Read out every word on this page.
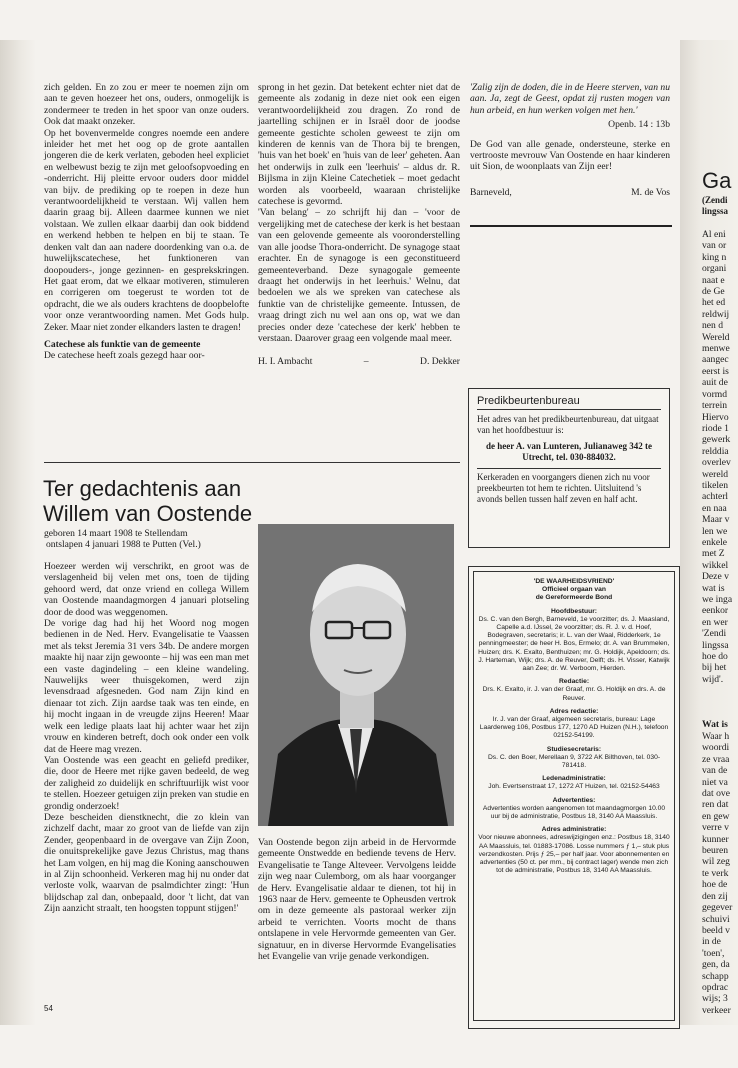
zich gelden. En zo zou er meer te noemen zijn om aan te geven hoezeer het ons, ouders, onmogelijk is zondermeer te treden in het spoor van onze ouders. Ook dat maakt onzeker.

Op het bovenvermelde congres noemde een andere inleider het met het oog op de grote aantallen jongeren die de kerk verlaten, geboden heel expliciet en welbewust bezig te zijn met geloofsopvoeding en -onderricht. Hij pleitte ervoor ouders door middel van bijv. de prediking op te roepen in deze hun verantwoordelijkheid te verstaan. Wij vallen hem daarin graag bij. Alleen daarmee kunnen we niet volstaan. We zullen elkaar daarbij dan ook biddend en werkend hebben te helpen en bij te staan. Te denken valt dan aan nadere doordenking van o.a. de huwelijkscatechese, het funktioneren van doopouders-, jonge gezinnen- en gesprekskringen. Het gaat erom, dat we elkaar motiveren, stimuleren en corrigeren om toegerust te worden tot de opdracht, die we als ouders krachtens de doopbelofte voor onze verantwoording namen. Met Gods hulp. Zeker. Maar niet zonder elkanders lasten te dragen!

Catechese als funktie van de gemeente

De catechese heeft zoals gezegd haar oor-

sprong in het gezin. Dat betekent echter niet dat de gemeente als zodanig in deze niet ook een eigen verantwoordelijkheid zou dragen. Zo rond de jaartelling schijnen er in Israël door de joodse gemeente gestichte scholen geweest te zijn om kinderen de kennis van de Thora bij te brengen, 'huis van het boek' en 'huis van de leer' geheten. Aan het onderwijs in zulk een 'leerhuis' – aldus dr. R. Bijlsma in zijn Kleine Catechetiek – moet gedacht worden als voorbeeld, waaraan christelijke catechese is gevormd.

'Van belang' – zo schrijft hij dan – 'voor de vergelijking met de catechese der kerk is het bestaan van een gelovende gemeente als vooronderstelling van alle joodse Thora-onderricht. De synagoge staat erachter. En de synagoge is een geconstitueerd gemeenteverband. Deze synagogale gemeente draagt het onderwijs in het leerhuis.' Welnu, dat bedoelen we als we spreken van catechese als funktie van de christelijke gemeente. Intussen, de vraag dringt zich nu wel aan ons op, wat we dan precies onder deze 'catechese der kerk' hebben te verstaan. Daarover graag een volgende maal meer.

H. I. Ambacht	–	D. Dekker

'Zalig zijn de doden, die in de Heere sterven, van nu aan. Ja, zegt de Geest, opdat zij rusten mogen van hun arbeid, en hun werken volgen met hen.'

Openb. 14 : 13b

De God van alle genade, ondersteune, sterke en vertrooste mevrouw Van Oostende en haar kinderen uit Sion, de woonplaats van Zijn eer!

Barneveld,	M. de Vos
Predikbeurtenbureau

Het adres van het predikbeurtenbureau, dat uitgaat van het hoofdbestuur is:

de heer A. van Lunteren, Julianaweg 342 te Utrecht, tel. 030-884032.

Kerkeraden en voorgangers dienen zich nu voor preekbeurten tot hem te richten. Uitsluitend 's avonds bellen tussen half zeven en half acht.

'DE WAARHEIDSVRIEND'
Officieel orgaan van
de Gereformeerde Bond
Hoofdbestuur:
Ds. C. van den Bergh, Barneveld, 1e voorzitter; ds. J. Maasland, Capelle a.d. IJssel, 2e voorzitter; ds. R. J. v. d. Hoef, Bodegraven, secretaris; ir. L. van der Waal, Ridderkerk, 1e penningmeester; de heer H. Bos, Ermelo; dr. A. van Brummelen, Huizen; drs. K. Exalto, Benthuizen; mr. G. Holdijk, Apeldoorn; ds. J. Harteman, Wijk; drs. A. de Reuver, Delft; ds. H. Visser, Katwijk aan Zee; dr. W. Verboom, Hierden.
Redactie:
Drs. K. Exalto, ir. J. van der Graaf, mr. G. Holdijk en drs. A. de Reuver.
Adres redactie:
Ir. J. van der Graaf, algemeen secretaris, bureau: Lage Laarderweg 106, Postbus 177, 1270 AD Huizen (N.H.), telefoon 02152-54199.
Studiesecretaris:
Ds. C. den Boer, Merellaan 9, 3722 AK Bilthoven, tel. 030-781418.
Ledenadministratie:
Joh. Evertsenstraat 17, 1272 AT Huizen, tel. 02152-54463
Advertenties:
Advertenties worden aangenomen tot maandagmorgen 10.00 uur bij de administratie, Postbus 18, 3140 AA Maassluis.
Adres administratie:
Voor nieuwe abonnees, adreswijzigingen enz.: Postbus 18, 3140 AA Maassluis, tel. 01883-17086. Losse nummers ƒ 1,– stuk plus verzendkosten. Prijs ƒ 25,– per half jaar. Voor abonnementen en advertenties (50 ct. per mm., bij contract lager) wende men zich tot de administratie, Postbus 18, 3140 AA Maassluis.
Ter gedachtenis aan
Willem van Oostende
geboren 14 maart 1908 te Stellendam
ontslapen 4 januari 1988 te Putten (Vel.)

Hoezeer werden wij verschrikt, en groot was de verslagenheid bij velen met ons, toen de tijding gehoord werd, dat onze vriend en collega Willem van Oostende maandagmorgen 4 januari plotseling door de dood was weggenomen.

De vorige dag had hij het Woord nog mogen bedienen in de Ned. Herv. Evangelisatie te Vaassen met als tekst Jeremia 31 vers 34b. De andere morgen maakte hij naar zijn gewoonte – hij was een man met een vaste dagindeling – een kleine wandeling. Nauwelijks weer thuisgekomen, werd zijn levensdraad afgesneden. God nam Zijn kind en dienaar tot zich. Zijn aardse taak was ten einde, en hij mocht ingaan in de vreugde zijns Heeren! Maar welk een ledige plaats laat hij achter waar het zijn vrouw en kinderen betreft, doch ook onder een volk dat de Heere mag vrezen.

Van Oostende was een geacht en geliefd prediker, die, door de Heere met rijke gaven bedeeld, de weg der zaligheid zo duidelijk en schriftuurlijk wist voor te stellen. Hoezeer getuigen zijn preken van studie en grondig onderzoek!

Deze bescheiden dienstknecht, die zo klein van zichzelf dacht, maar zo groot van de liefde van zijn Zender, geopenbaard in de overgave van Zijn Zoon, die onuitsprekelijke gave Jezus Christus, mag thans het Lam volgen, en hij mag die Koning aanschouwen in al Zijn schoonheid. Verkeren mag hij nu onder dat verloste volk, waarvan de psalmdichter zingt: 'Hun blijdschap zal dan, onbepaald, door 't licht, dat van Zijn aanzicht straalt, ten hoogsten toppunt stijgen!'

Van Oostende begon zijn arbeid in de Hervormde gemeente Onstwedde en bediende tevens de Herv. Evangelisatie te Tange Alteveer. Vervolgens leidde zijn weg naar Culemborg, om als haar voorganger de Herv. Evangelisatie aldaar te dienen, tot hij in 1963 naar de Herv. gemeente te Opheusden vertrok om in deze gemeente als pastoraal werker zijn arbeid te verrichten. Voorts mocht de thans ontslapene in vele Hervormde gemeenten van Ger. signatuur, en in diverse Hervormde Evangelisaties het Evangelie van vrije genade verkondigen.

Ga
(Zendi
lingssa
Al eni
van or
king n
organi
naat e
de Ge
het ed
reldwij
nen d
Wereld
menwe
aangec
eerst is
auit de
vormd
terrein
Hiervo
riode 1
gewerk
relddia
overlev
wereld
tikelen
achterl
en naa
Maar v
len we
enkele
met Z
wikkel
Deze v
wat is
we inga
eenkor
en wer
'Zendi
lingssa
hoe do
bij het
wijd'.
Wat is
Waar h
woordi
ze vraa
van de
niet va
dat ove
ren dat
en gew
verre v
kunner
beuren
wil zeg
te verk
hoe de
den zij
gegever
schuivi
beeld v
in de
'toen',
gen, da
schapp
opdrac
wijs; 3
verkeer
54
